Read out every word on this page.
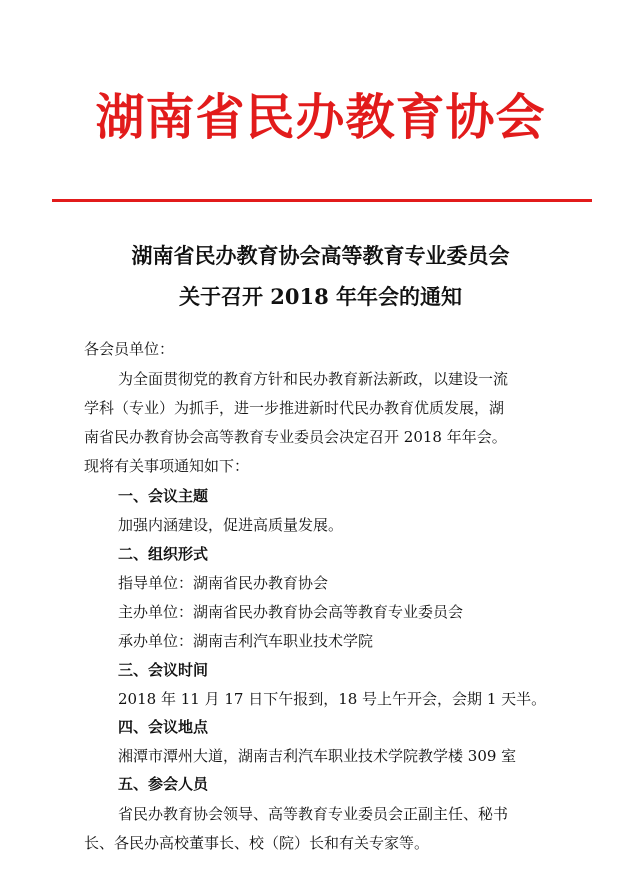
湖南省民办教育协会
湖南省民办教育协会高等教育专业委员会
关于召开 2018 年年会的通知
各会员单位：
为全面贯彻党的教育方针和民办教育新法新政，以建设一流
学科（专业）为抓手，进一步推进新时代民办教育优质发展，湖
南省民办教育协会高等教育专业委员会决定召开 2018 年年会。
现将有关事项通知如下：
一、会议主题
加强内涵建设，促进高质量发展。
二、组织形式
指导单位：湖南省民办教育协会
主办单位：湖南省民办教育协会高等教育专业委员会
承办单位：湖南吉利汽车职业技术学院
三、会议时间
2018 年 11 月 17 日下午报到，18 号上午开会，会期 1 天半。
四、会议地点
湘潭市潭州大道，湖南吉利汽车职业技术学院教学楼 309 室
五、参会人员
省民办教育协会领导、高等教育专业委员会正副主任、秘书
长、各民办高校董事长、校（院）长和有关专家等。
